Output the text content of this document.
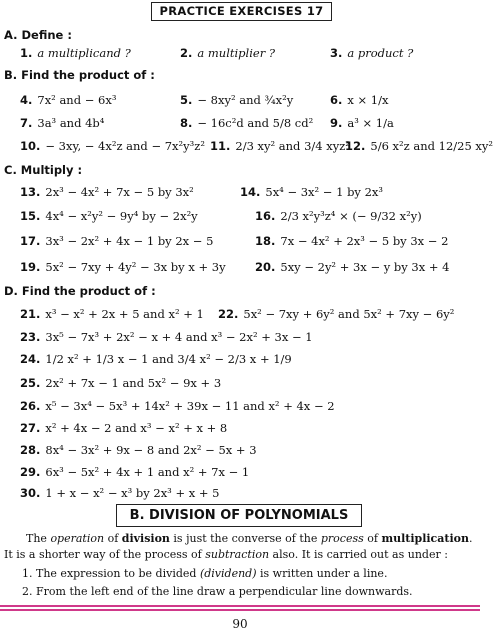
PRACTICE EXERCISES 17
A. Define :
1. a multiplicand ?	2. a multiplier ?	3. a product ?
B. Find the product of :
4. 7x² and − 6x³	5. − 8xy² and ¾x²y	6. x × 1/x
7. 3a³ and 4b⁴	8. − 16c²d and 5/8 cd² 9. a³ × 1/a
10. − 3xy, − 4x²z and − 7x²y³z² 11. 2/3 xy² and 3/4 xyz²
12. 5/6 x²z and 12/25 xy²
C. Multiply :
13. 2x³ − 4x² + 7x − 5 by 3x²	14. 5x⁴ − 3x² − 1 by 2x³
15. 4x⁴ − x²y² − 9y⁴ by − 2x²y	16. 2/3 x²y³z⁴ × (− 9/32 x²y)
17. 3x³ − 2x² + 4x − 1 by 2x − 5	18. 7x − 4x² + 2x³ − 5 by 3x − 2
19. 5x² − 7xy + 4y² − 3x by x + 3y	20. 5xy − 2y² + 3x − y by 3x + 4
D. Find the product of :
21. x³ − x² + 2x + 5 and x² + 1 22. 5x² − 7xy + 6y² and 5x² + 7xy − 6y²
23. 3x⁵ − 7x³ + 2x² − x + 4 and x³ − 2x² + 3x − 1
24. 1/2 x² + 1/3 x − 1 and 3/4 x² − 2/3 x + 1/9
25. 2x² + 7x − 1 and 5x² − 9x + 3
26. x⁵ − 3x⁴ − 5x³ + 14x² + 39x − 11 and x² + 4x − 2
27. x² + 4x − 2 and x³ − x² + x + 8
28. 8x⁴ − 3x² + 9x − 8 and 2x² − 5x + 3
29. 6x³ − 5x² + 4x + 1 and x² + 7x − 1
30. 1 + x − x² − x³ by 2x³ + x + 5
B. DIVISION OF POLYNOMIALS
The operation of division is just the converse of the process of multiplication.
It is a shorter way of the process of subtraction also. It is carried out as under :
1. The expression to be divided (dividend) is written under a line.
2. From the left end of the line draw a perpendicular line downwards.
90
